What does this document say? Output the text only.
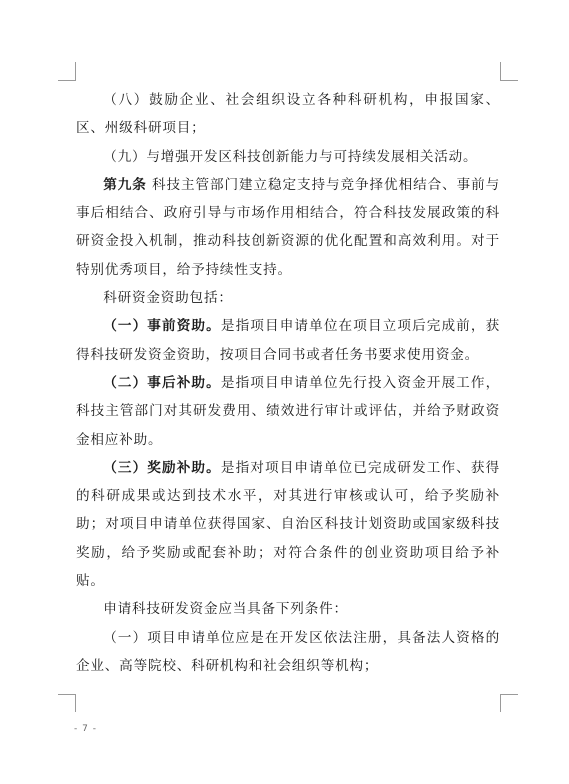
（八）鼓励企业、社会组织设立各种科研机构，申报国家、区、州级科研项目；

（九）与增强开发区科技创新能力与可持续发展相关活动。

第九条 科技主管部门建立稳定支持与竞争择优相结合、事前与事后相结合、政府引导与市场作用相结合，符合科技发展政策的科研资金投入机制，推动科技创新资源的优化配置和高效利用。对于特别优秀项目，给予持续性支持。

科研资金资助包括：

（一）事前资助。是指项目申请单位在项目立项后完成前，获得科技研发资金资助，按项目合同书或者任务书要求使用资金。

（二）事后补助。是指项目申请单位先行投入资金开展工作，科技主管部门对其研发费用、绩效进行审计或评估，并给予财政资金相应补助。

（三）奖励补助。是指对项目申请单位已完成研发工作、获得的科研成果或达到技术水平，对其进行审核或认可，给予奖励补助；对项目申请单位获得国家、自治区科技计划资助或国家级科技奖励，给予奖励或配套补助；对符合条件的创业资助项目给予补贴。

申请科技研发资金应当具备下列条件：

（一）项目申请单位应是在开发区依法注册，具备法人资格的企业、高等院校、科研机构和社会组织等机构；

- 7 -
